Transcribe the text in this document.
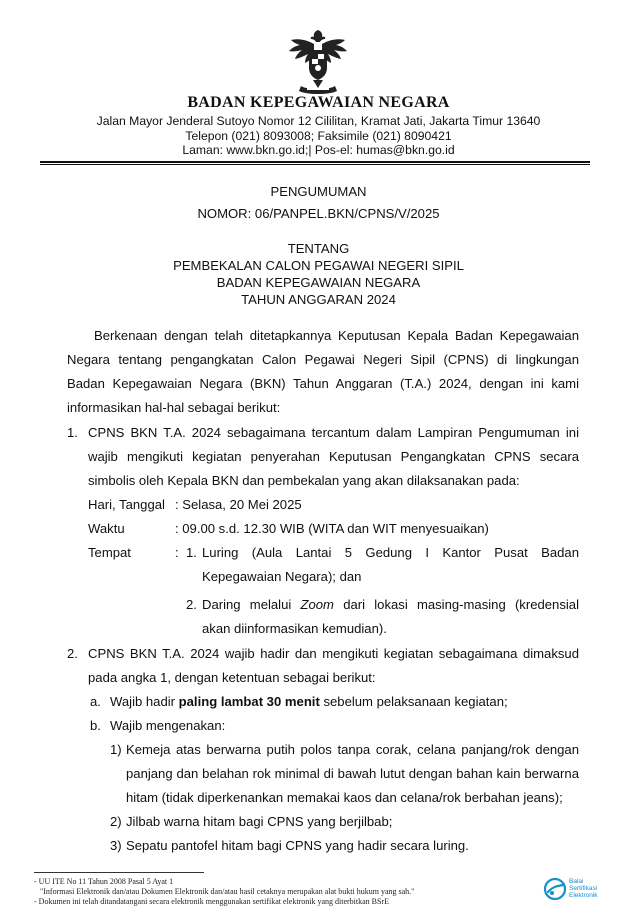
BADAN KEPEGAWAIAN NEGARA
Jalan Mayor Jenderal Sutoyo Nomor 12 Cililitan, Kramat Jati, Jakarta Timur 13640
Telepon (021) 8093008; Faksimile (021) 8090421
Laman: www.bkn.go.id;| Pos-el: humas@bkn.go.id
PENGUMUMAN
NOMOR: 06/PANPEL.BKN/CPNS/V/2025
TENTANG
PEMBEKALAN CALON PEGAWAI NEGERI SIPIL
BADAN KEPEGAWAIAN NEGARA
TAHUN ANGGARAN 2024
Berkenaan dengan telah ditetapkannya Keputusan Kepala Badan Kepegawaian
Negara tentang pengangkatan Calon Pegawai Negeri Sipil (CPNS) di lingkungan
Badan Kepegawaian Negara (BKN) Tahun Anggaran (T.A.) 2024, dengan ini kami
informasikan hal-hal sebagai berikut:
1. CPNS BKN T.A. 2024 sebagaimana tercantum dalam Lampiran Pengumuman ini
wajib mengikuti kegiatan penyerahan Keputusan Pengangkatan CPNS secara
simbolis oleh Kepala BKN dan pembekalan yang akan dilaksanakan pada:
Hari, Tanggal : Selasa, 20 Mei 2025
Waktu	: 09.00 s.d. 12.30 WIB (WITA dan WIT menyesuaikan)
Tempat	: 1. Luring (Aula Lantai 5 Gedung I Kantor Pusat Badan
Kepegawaian Negara); dan
2. Daring melalui Zoom dari lokasi masing-masing (kredensial
akan diinformasikan kemudian).
2. CPNS BKN T.A. 2024 wajib hadir dan mengikuti kegiatan sebagaimana dimaksud
pada angka 1, dengan ketentuan sebagai berikut:
a. Wajib hadir paling lambat 30 menit sebelum pelaksanaan kegiatan;
b. Wajib mengenakan:
1) Kemeja atas berwarna putih polos tanpa corak, celana panjang/rok dengan
panjang dan belahan rok minimal di bawah lutut dengan bahan kain berwarna
hitam (tidak diperkenankan memakai kaos dan celana/rok berbahan jeans);
2) Jilbab warna hitam bagi CPNS yang berjilbab;
3) Sepatu pantofel hitam bagi CPNS yang hadir secara luring.
- UU ITE No 11 Tahun 2008 Pasal 5 Ayat 1
"Informasi Elektronik dan/atau Dokumen Elektronik dan/atau hasil cetaknya merupakan alat bukti hukum yang sah."
- Dokumen ini telah ditandatangani secara elektronik menggunakan sertifikat elektronik yang diterbitkan BSrE
Balai
Sertifikasi
Elektronik
